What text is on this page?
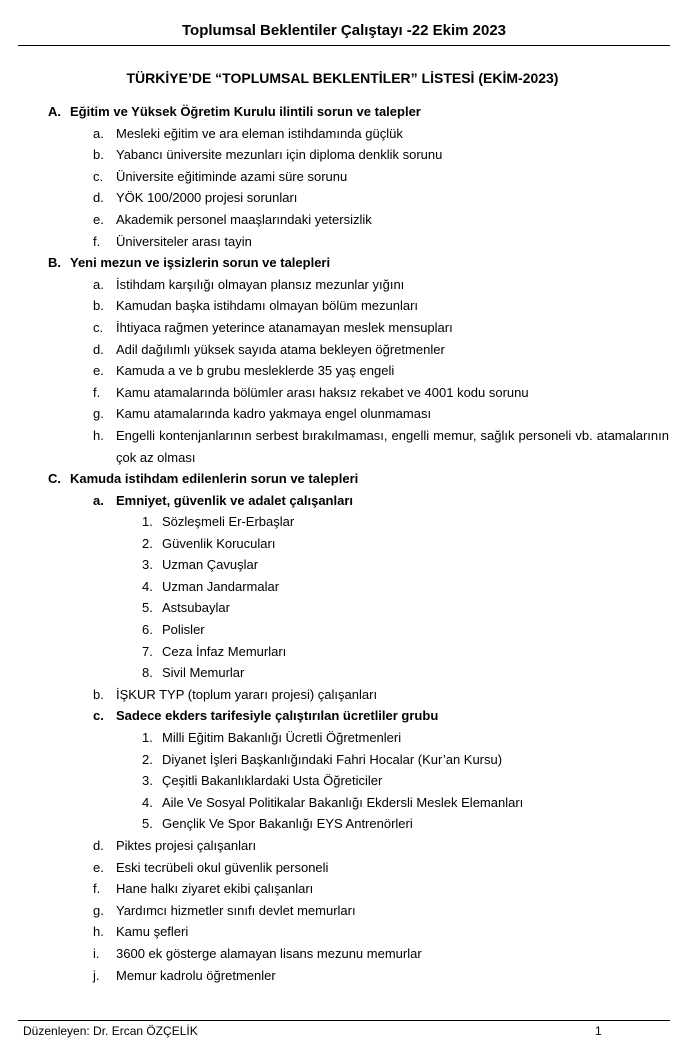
Toplumsal Beklentiler Çalıştayı -22 Ekim 2023
TÜRKİYE’DE “TOPLUMSAL BEKLENTİLER” LİSTESİ (EKİM-2023)
A. Eğitim ve Yüksek Öğretim Kurulu ilintili sorun ve talepler
a. Mesleki eğitim ve ara eleman istihdamında güçlük
b. Yabancı üniversite mezunları için diploma denklik sorunu
c. Üniversite eğitiminde azami süre sorunu
d. YÖK 100/2000 projesi sorunları
e. Akademik personel maaşlarındaki yetersizlik
f. Üniversiteler arası tayin
B. Yeni mezun ve işsizlerin sorun ve talepleri
a. İstihdam karşılığı olmayan plansız mezunlar yığını
b. Kamudan başka istihdamı olmayan bölüm mezunları
c. İhtiyaca rağmen yeterince atanamayan meslek mensupları
d. Adil dağılımlı yüksek sayıda atama bekleyen öğretmenler
e. Kamuda a ve b grubu mesleklerde 35 yaş engeli
f. Kamu atamalarında bölümler arası haksız rekabet ve 4001 kodu sorunu
g. Kamu atamalarında kadro yakmaya engel olunmaması
h. Engelli kontenjanlarının serbest bırakılmaması, engelli memur, sağlık personeli vb. atamalarının çok az olması
C. Kamuda istihdam edilenlerin sorun ve talepleri
a. Emniyet, güvenlik ve adalet çalışanları
1. Sözleşmeli Er-Erbaşlar
2. Güvenlik Korucuları
3. Uzman Çavuşlar
4. Uzman Jandarmalar
5. Astsubaylar
6. Polisler
7. Ceza İnfaz Memurları
8. Sivil Memurlar
b. İŞKUR TYP (toplum yararı projesi) çalışanları
c. Sadece ekders tarifesiyle çalıştırılan ücretliler grubu
1. Milli Eğitim Bakanlığı Ücretli Öğretmenleri
2. Diyanet İşleri Başkanlığındaki Fahri Hocalar (Kur’an Kursu)
3. Çeşitli Bakanlıklardaki Usta Öğreticiler
4. Aile Ve Sosyal Politikalar Bakanlığı Ekdersli Meslek Elemanları
5. Gençlik Ve Spor Bakanlığı EYS Antrenörleri
d. Piktes projesi çalışanları
e. Eski tecrübeli okul güvenlik personeli
f. Hane halkı ziyaret ekibi çalışanları
g. Yardımcı hizmetler sınıfı devlet memurları
h. Kamu şefleri
i. 3600 ek gösterge alamayan lisans mezunu memurlar
j. Memur kadrolu öğretmenler
Düzenleyen: Dr. Ercan ÖZÇELİK	1
